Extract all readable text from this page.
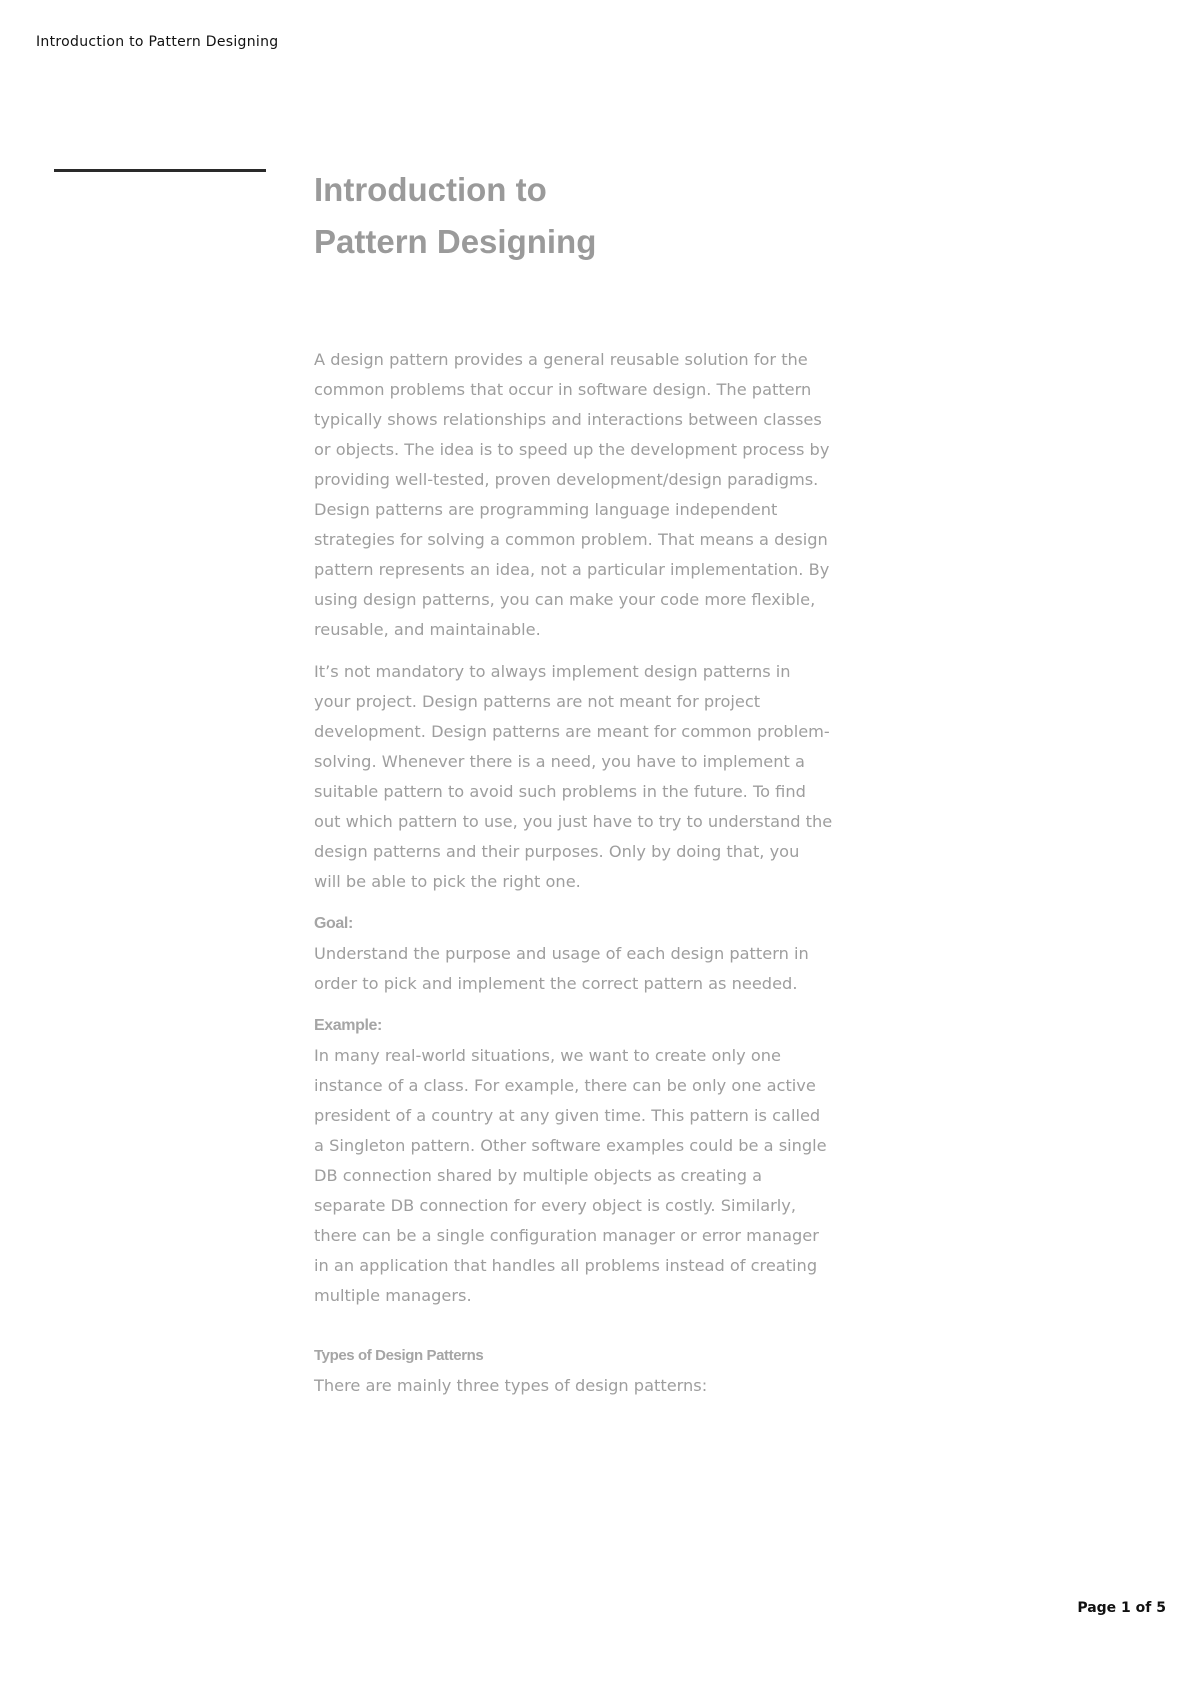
Introduction to Pattern Designing
Introduction to
Pattern Designing

A design pattern provides a general reusable solution for the
common problems that occur in software design. The pattern
typically shows relationships and interactions between classes
or objects. The idea is to speed up the development process by
providing well-tested, proven development/design paradigms.
Design patterns are programming language independent
strategies for solving a common problem. That means a design
pattern represents an idea, not a particular implementation. By
using design patterns, you can make your code more flexible,
reusable, and maintainable.

It’s not mandatory to always implement design patterns in
your project. Design patterns are not meant for project
development. Design patterns are meant for common problem-
solving. Whenever there is a need, you have to implement a
suitable pattern to avoid such problems in the future. To find
out which pattern to use, you just have to try to understand the
design patterns and their purposes. Only by doing that, you
will be able to pick the right one.

Goal:

Understand the purpose and usage of each design pattern in
order to pick and implement the correct pattern as needed.

Example:

In many real-world situations, we want to create only one
instance of a class. For example, there can be only one active
president of a country at any given time. This pattern is called
a Singleton pattern. Other software examples could be a single
DB connection shared by multiple objects as creating a
separate DB connection for every object is costly. Similarly,
there can be a single configuration manager or error manager
in an application that handles all problems instead of creating
multiple managers.

Types of Design Patterns

There are mainly three types of design patterns:

Page 1 of 5
